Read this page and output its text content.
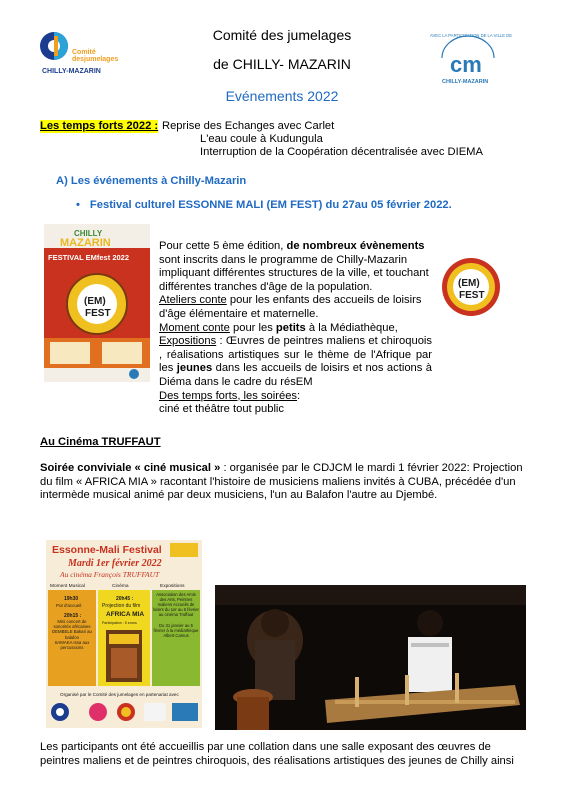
Comité
des jumelages
CHILLY-MAZARIN
AVEC LA PARTICIPATION DE LA VILLE DE
cm
CHILLY-MAZARIN
Comité des jumelages
de CHILLY- MAZARIN
Evénements 2022
Les temps forts 2022 : Reprise des Echanges avec Carlet
L'eau coule à Kudungula
Interruption de la Coopération décentralisée avec DIEMA
A) Les événements à Chilly-Mazarin
• Festival culturel ESSONNE MALI (EM FEST) du 27au 05 février 2022.
CHILLY
MAZARIN
FESTIVAL EMfest 2022
(EM)
FEST
(EM)
FEST

Pour cette 5 ème édition, de nombreux évènements sont inscrits dans le programme de Chilly-Mazarin impliquant différentes structures de la ville, et touchant différentes tranches d'âge de la population.

Ateliers conte pour les enfants des accueils de loisirs d'âge élémentaire et maternelle.

Moment conte pour les petits à la Médiathèque,

Expositions : Œuvres de peintres maliens et chiroquois , réalisations artistiques sur le thème de l'Afrique par les jeunes dans les accueils de loisirs et nos actions à Diéma dans le cadre du résEM

Des temps forts, les soirées:

ciné et théâtre tout public

Au Cinéma TRUFFAUT
Soirée conviviale « ciné musical » : organisée par le CDJCM le mardi 1 février 2022: Projection du film « AFRICA MIA » racontant l'histoire de musiciens maliens invités à CUBA, précédée d'un intermède musical animé par deux musiciens, l'un au Balafon l'autre au Djembé.
Essonne-Mali Festival
Mardi 1er février 2022
Au cinéma François TRUFFAUT
Moment Musical	Cinéma	Expositions
19h30
Pot d'accueil
20h15 :
Mini concert de sonorités africaines
DEMBELE Bakari au balafon
SAMAKA Issa aux percussions
20h45 :
Projection du film
AFRICA MIA
Participation : 5 euros
Association des Amis des Arts, Peintres maliens Accueils de loisirs du 1er au 6 février au cinéma Truffaut
Du 31 janvier au 5 février à la médiathèque Albert Camus
Organisé par le Comité des jumelages en partenariat avec
Les participants ont été accueillis par une collation dans une salle exposant des œuvres de peintres maliens et de peintres chiroquois, des réalisations artistiques des jeunes de Chilly ainsi
